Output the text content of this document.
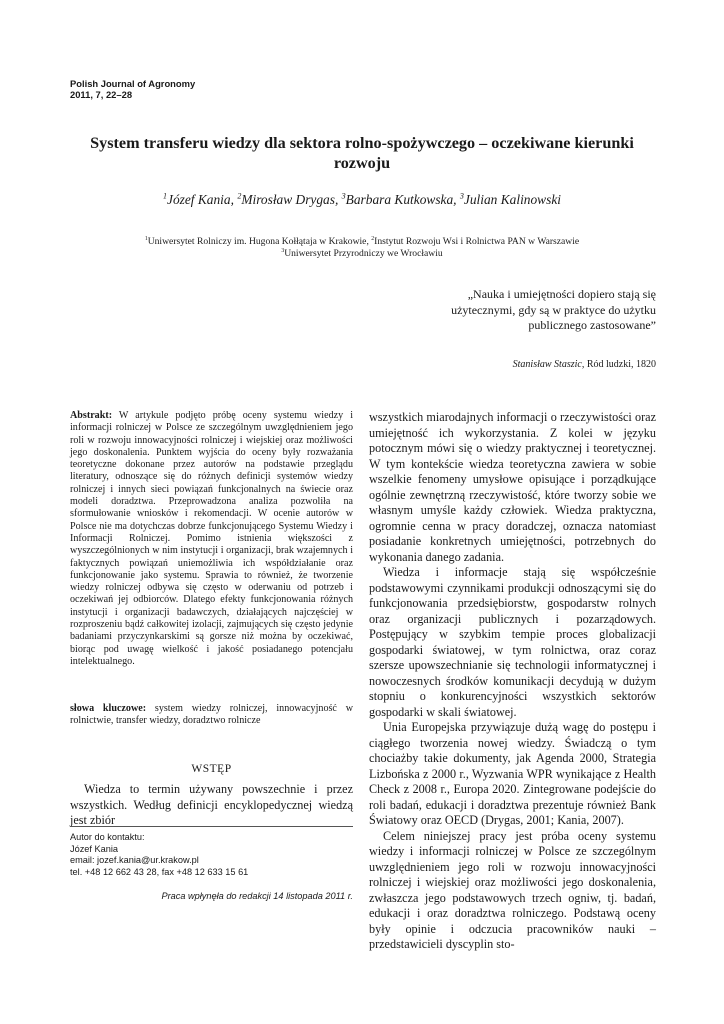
Polish Journal of Agronomy
2011, 7, 22–28
System transferu wiedzy dla sektora rolno-spożywczego – oczekiwane kierunki rozwoju
$^1$Józef Kania, $^2$Mirosław Drygas, $^3$Barbara Kutkowska, $^3$Julian Kalinowski
$^1$Uniwersytet Rolniczy im. Hugona Kołłątaja w Krakowie, $^2$Instytut Rozwoju Wsi i Rolnictwa PAN w Warszawie
$^3$Uniwersytet Przyrodniczy we Wrocławiu
„Nauka i umiejętności dopiero stają się użytecznymi, gdy są w praktyce do użytku publicznego zastosowane”
Stanisław Staszic, Ród ludzki, 1820
Abstrakt: W artykule podjęto próbę oceny systemu wiedzy i informacji rolniczej w Polsce ze szczególnym uwzględnieniem jego roli w rozwoju innowacyjności rolniczej i wiejskiej oraz możliwości jego doskonalenia. Punktem wyjścia do oceny były rozważania teoretyczne dokonane przez autorów na podstawie przeglądu literatury, odnoszące się do różnych definicji systemów wiedzy rolniczej i innych sieci powiązań funkcjonalnych na świecie oraz modeli doradztwa. Przeprowadzona analiza pozwoliła na sformułowanie wniosków i rekomendacji. W ocenie autorów w Polsce nie ma dotychczas dobrze funkcjonującego Systemu Wiedzy i Informacji Rolniczej. Pomimo istnienia większości z wyszczególnionych w nim instytucji i organizacji, brak wzajemnych i faktycznych powiązań uniemożliwia ich współdziałanie oraz funkcjonowanie jako systemu. Sprawia to również, że tworzenie wiedzy rolniczej odbywa się często w oderwaniu od potrzeb i oczekiwań jej odbiorców. Dlatego efekty funkcjonowania różnych instytucji i organizacji badawczych, działających najczęściej w rozproszeniu bądź całkowitej izolacji, zajmujących się często jedynie badaniami przyczynkarskimi są gorsze niż można by oczekiwać, biorąc pod uwagę wielkość i jakość posiadanego potencjału intelektualnego.
słowa kluczowe: system wiedzy rolniczej, innowacyjność w rolnictwie, transfer wiedzy, doradztwo rolnicze
WSTĘP
Wiedza to termin używany powszechnie i przez wszystkich. Według definicji encyklopedycznej wiedzą jest zbiór
Autor do kontaktu:
Józef Kania
email: jozef.kania@ur.krakow.pl
tel. +48 12 662 43 28, fax +48 12 633 15 61
Praca wpłynęła do redakcji 14 listopada 2011 r.

wszystkich miarodajnych informacji o rzeczywistości oraz umiejętność ich wykorzystania. Z kolei w języku potocznym mówi się o wiedzy praktycznej i teoretycznej. W tym kontekście wiedza teoretyczna zawiera w sobie wszelkie fenomeny umysłowe opisujące i porządkujące ogólnie zewnętrzną rzeczywistość, które tworzy sobie we własnym umyśle każdy człowiek. Wiedza praktyczna, ogromnie cenna w pracy doradczej, oznacza natomiast posiadanie konkretnych umiejętności, potrzebnych do wykonania danego zadania.

Wiedza i informacje stają się współcześnie podstawowymi czynnikami produkcji odnoszącymi się do funkcjonowania przedsiębiorstw, gospodarstw rolnych oraz organizacji publicznych i pozarządowych. Postępujący w szybkim tempie proces globalizacji gospodarki światowej, w tym rolnictwa, oraz coraz szersze upowszechnianie się technologii informatycznej i nowoczesnych środków komunikacji decydują w dużym stopniu o konkurencyjności wszystkich sektorów gospodarki w skali światowej.

Unia Europejska przywiązuje dużą wagę do postępu i ciągłego tworzenia nowej wiedzy. Świadczą o tym chociażby takie dokumenty, jak Agenda 2000, Strategia Lizbońska z 2000 r., Wyzwania WPR wynikające z Health Check z 2008 r., Europa 2020. Zintegrowane podejście do roli badań, edukacji i doradztwa prezentuje również Bank Światowy oraz OECD (Drygas, 2001; Kania, 2007).

Celem niniejszej pracy jest próba oceny systemu wiedzy i informacji rolniczej w Polsce ze szczególnym uwzględnieniem jego roli w rozwoju innowacyjności rolniczej i wiejskiej oraz możliwości jego doskonalenia, zwłaszcza jego podstawowych trzech ogniw, tj. badań, edukacji i oraz doradztwa rolniczego. Podstawą oceny były opinie i odczucia pracowników nauki – przedstawicieli dyscyplin sto-
